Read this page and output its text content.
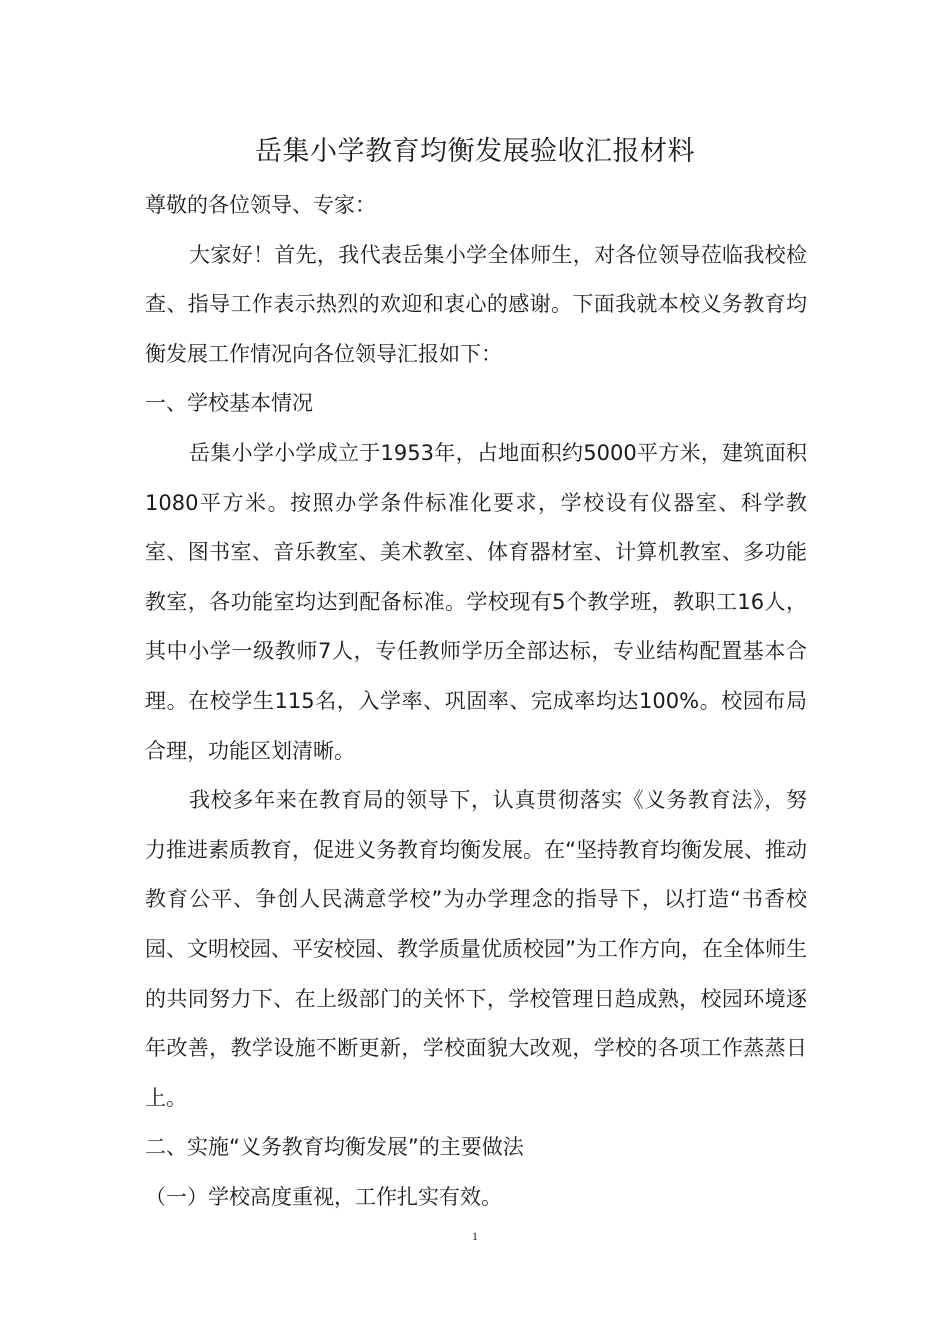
岳集小学教育均衡发展验收汇报材料

尊敬的各位领导、专家：

大家好！首先，我代表岳集小学全体师生，对各位领导莅临我校检查、指导工作表示热烈的欢迎和衷心的感谢。下面我就本校义务教育均衡发展工作情况向各位领导汇报如下：

一、学校基本情况

岳集小学小学成立于1953年，占地面积约5000平方米，建筑面积1080平方米。按照办学条件标准化要求，学校设有仪器室、科学教室、图书室、音乐教室、美术教室、体育器材室、计算机教室、多功能教室，各功能室均达到配备标准。学校现有5个教学班，教职工16人，其中小学一级教师7人，专任教师学历全部达标，专业结构配置基本合理。在校学生115名，入学率、巩固率、完成率均达100%。校园布局合理，功能区划清晰。

我校多年来在教育局的领导下，认真贯彻落实《义务教育法》，努力推进素质教育，促进义务教育均衡发展。在“坚持教育均衡发展、推动教育公平、争创人民满意学校”为办学理念的指导下，以打造“书香校园、文明校园、平安校园、教学质量优质校园”为工作方向，在全体师生的共同努力下、在上级部门的关怀下，学校管理日趋成熟，校园环境逐年改善，教学设施不断更新，学校面貌大改观，学校的各项工作蒸蒸日上。

二、实施“义务教育均衡发展”的主要做法

（一）学校高度重视，工作扎实有效。

1
